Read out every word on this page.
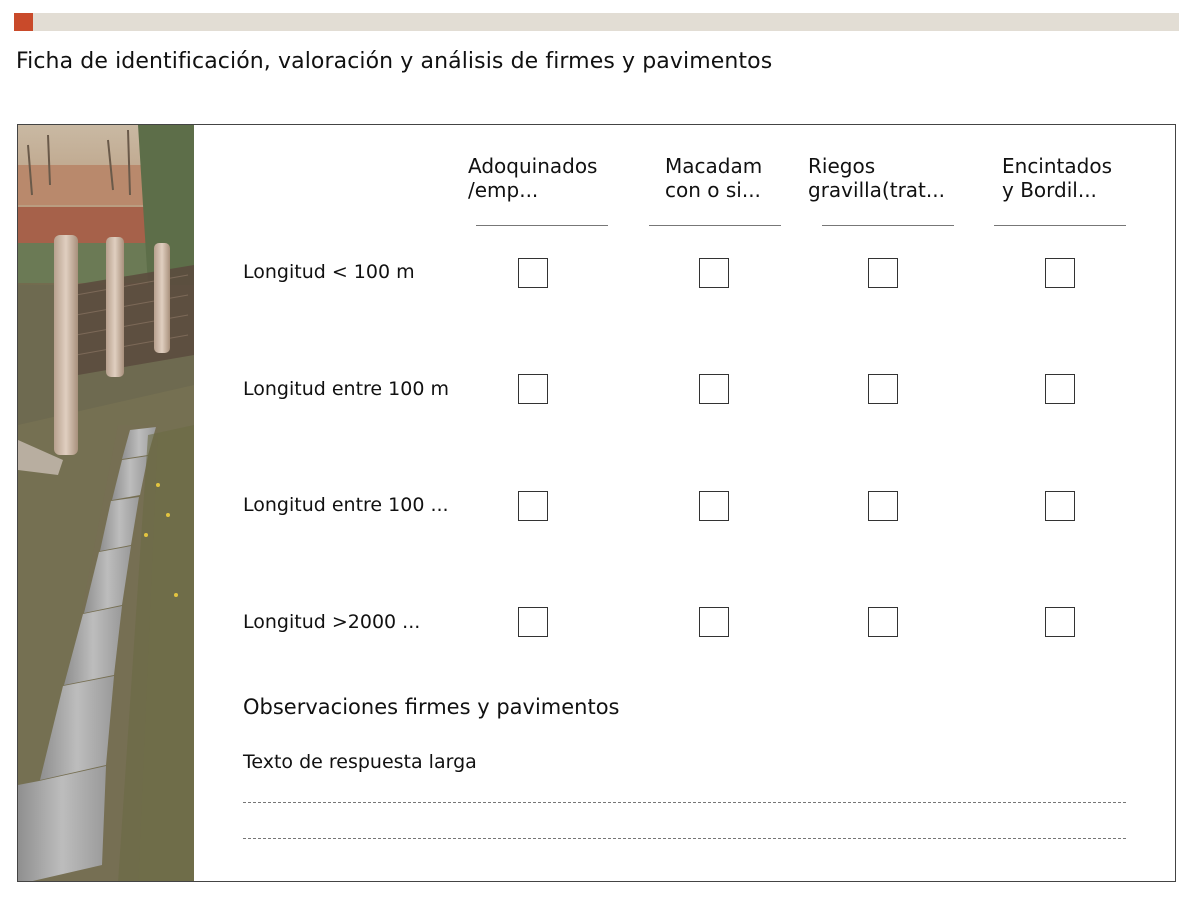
Ficha de identificación, valoración y análisis de firmes y pavimentos
Adoquinados
/emp...
Macadam
con o si...
Riegos
gravilla(trat...
Encintados
y Bordil...
Longitud < 100 m
Longitud entre 100 m
Longitud entre 100 ...
Longitud >2000 ...
Observaciones firmes y pavimentos
Texto de respuesta larga
